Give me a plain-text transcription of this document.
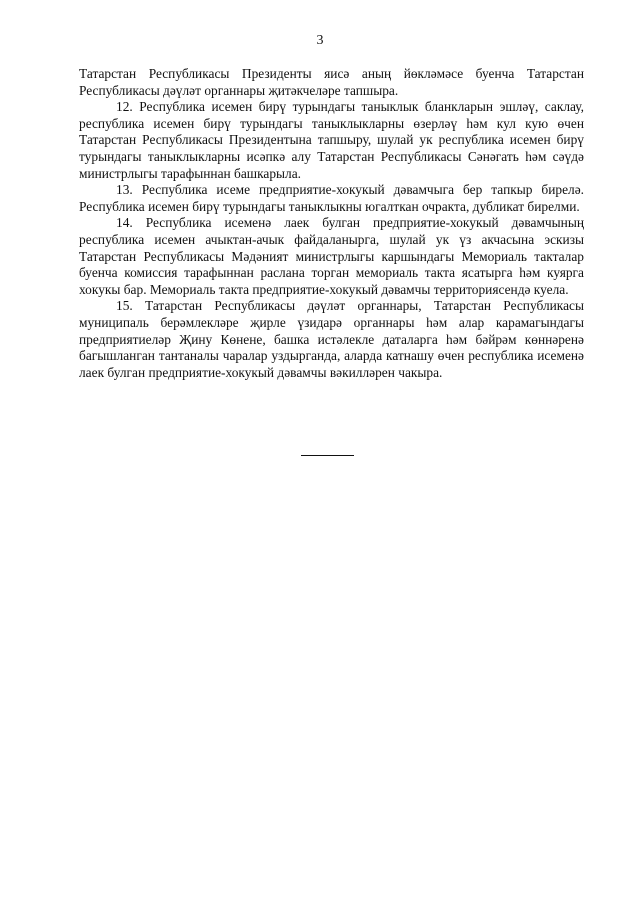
3

Татарстан Республикасы Президенты яисә аның йөкләмәсе буенча Татарстан Республикасы дәүләт органнары җитәкчеләре тапшыра.

12. Республика исемен бирү турындагы таныклык бланкларын эшләү, саклау, республика исемен бирү турындагы таныклыкларны өзерләү һәм кул кую өчен Татарстан Республикасы Президентына тапшыру, шулай ук республика исемен бирү турындагы таныклыкларны исәпкә алу Татарстан Республикасы Сәнәгать һәм сәүдә министрлыгы тарафыннан башкарыла.

13. Республика исеме предприятие-хокукый дәвамчыга бер тапкыр бирелә. Республика исемен бирү турындагы таныклыкны югалткан очракта, дубликат бирелми.

14. Республика исеменә лаек булган предприятие-хокукый дәвамчының республика исемен ачыктан-ачык файдаланырга, шулай ук үз акчасына эскизы Татарстан Республикасы Мәдәният министрлыгы каршындагы Мемориаль такталар буенча комиссия тарафыннан раслана торган мемориаль такта ясатырга һәм куярга хокукы бар. Мемориаль такта предприятие-хокукый дәвамчы территориясендә куела.

15. Татарстан Республикасы дәүләт органнары, Татарстан Республикасы муниципаль берәмлекләре җирле үзидарә органнары һәм алар карамагындагы предприятиеләр Җину Көнене, башка истәлекле даталарга һәм бәйрәм көннәренә багышланган тантаналы чаралар уздырганда, аларда катнашу өчен республика исеменә лаек булган предприятие-хокукый дәвамчы вәкилләрен чакыра.
